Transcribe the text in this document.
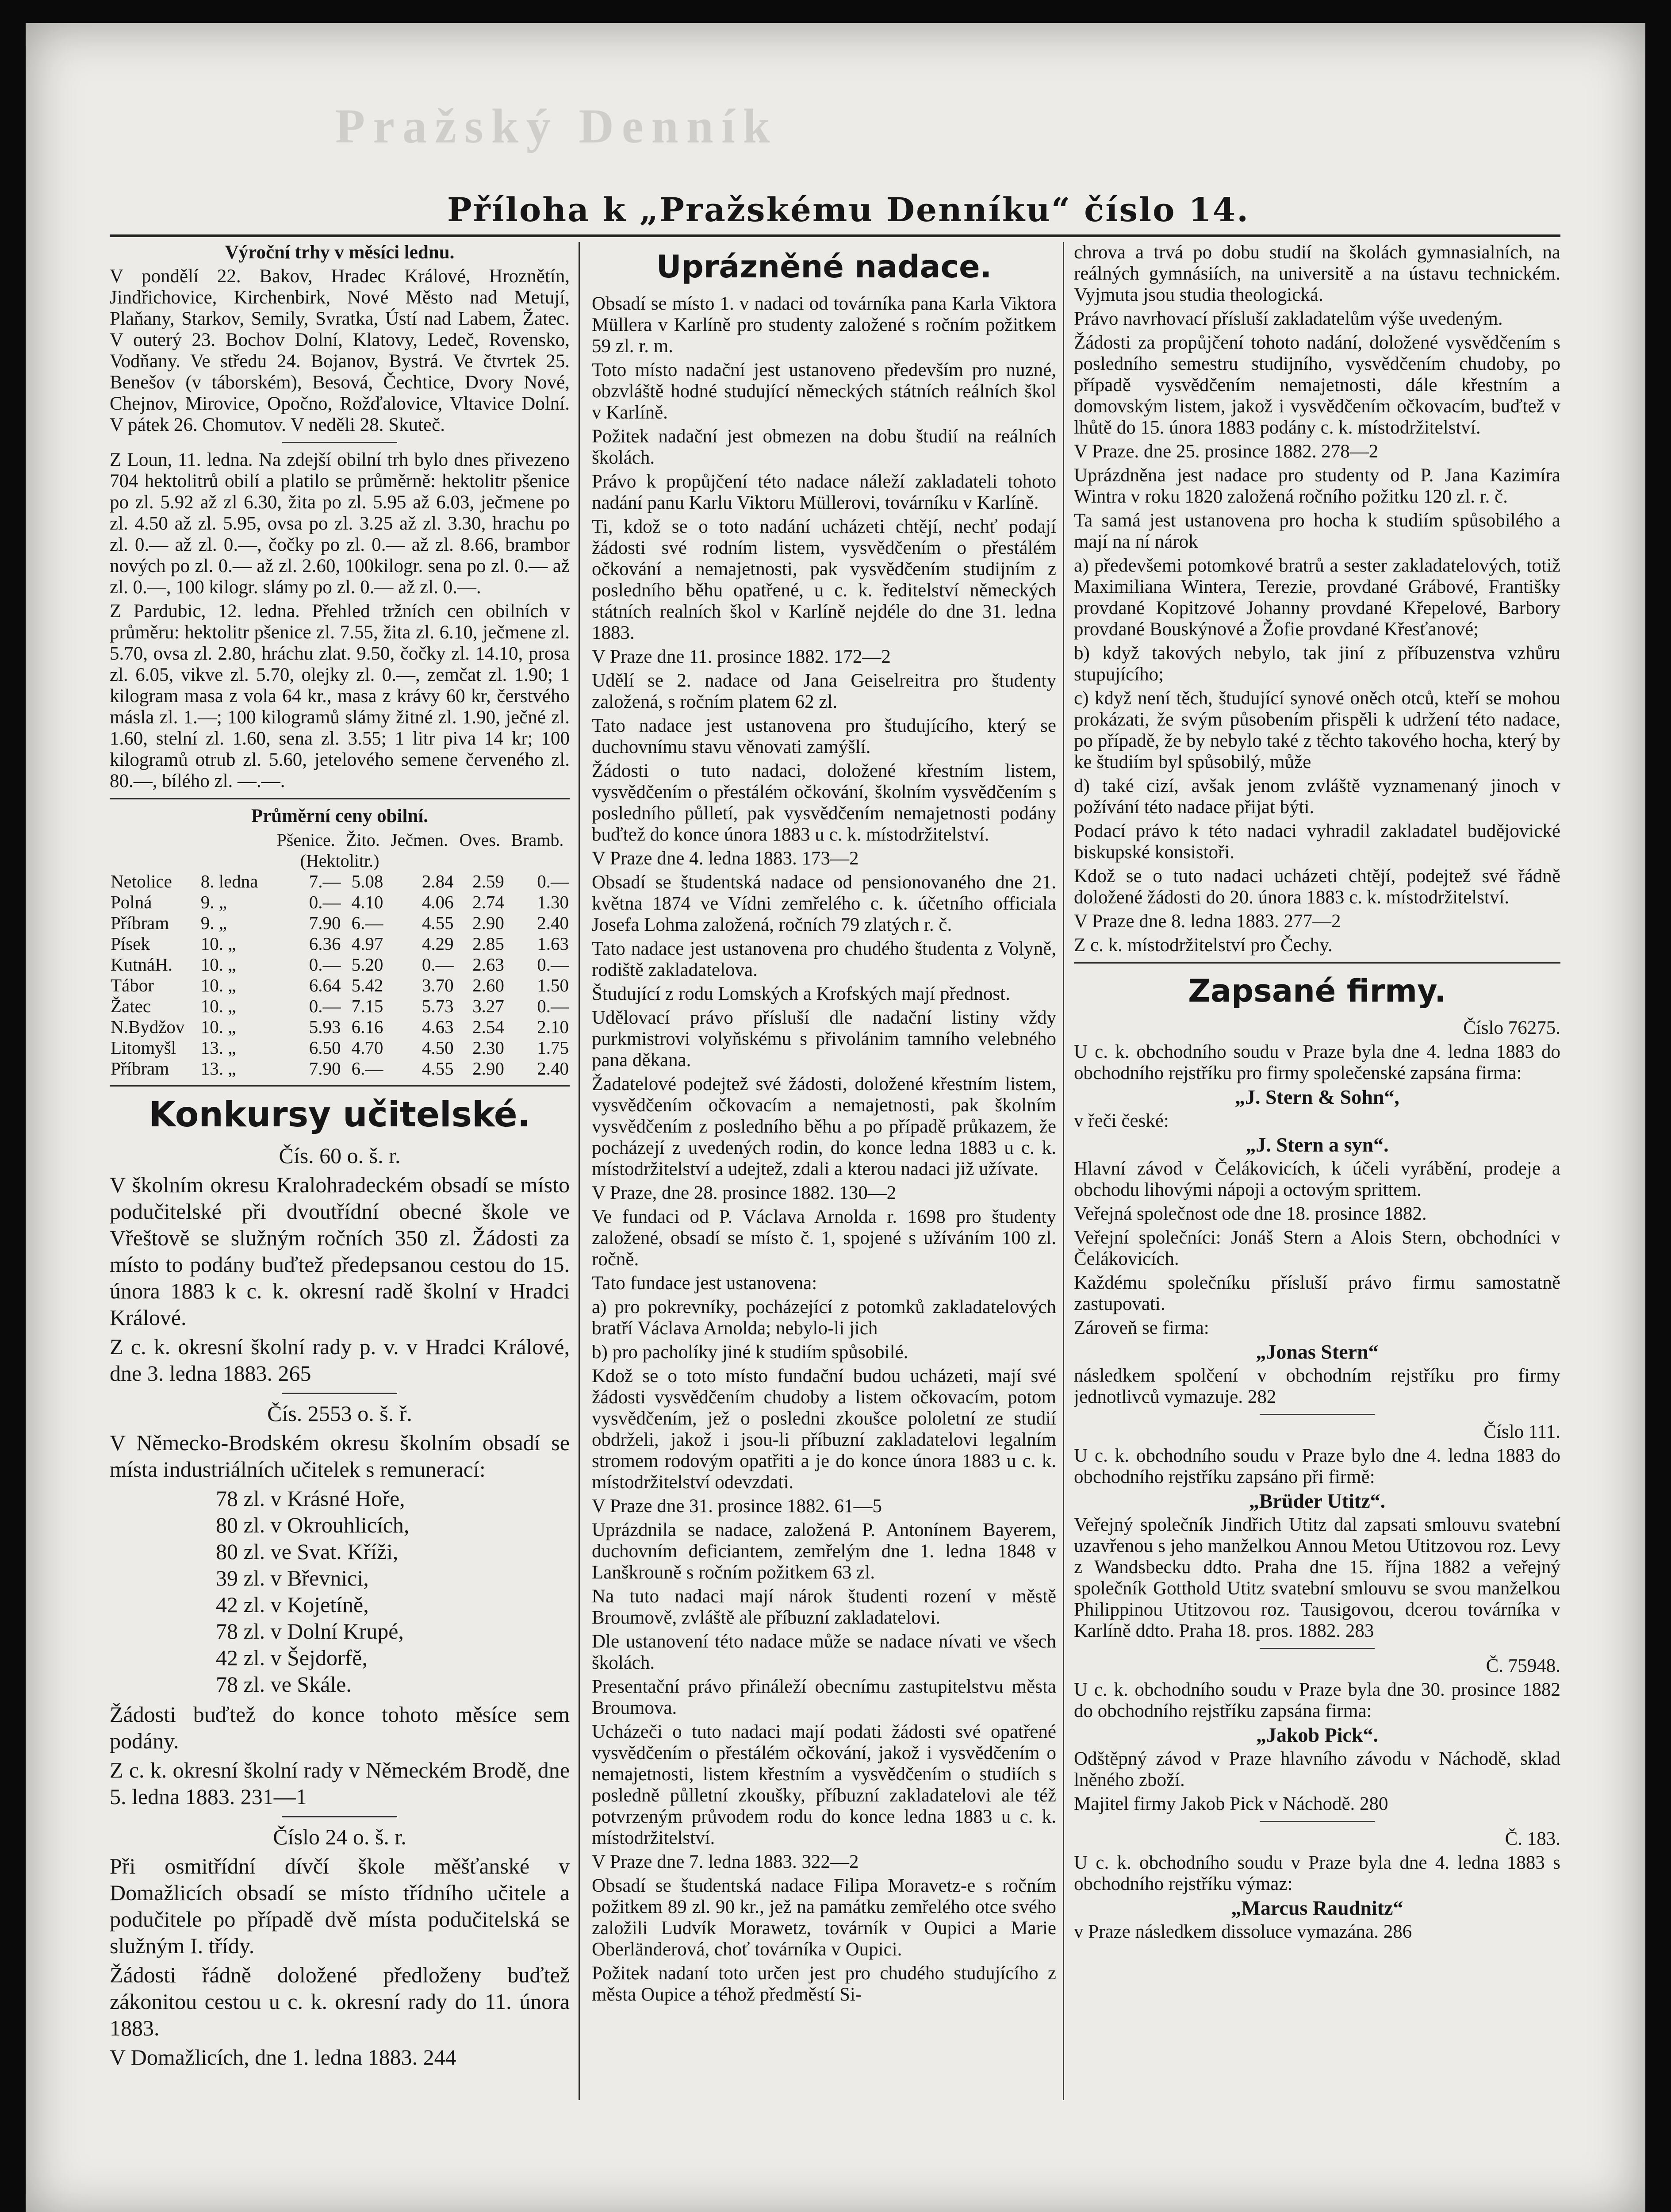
Pražský Denník
Příloha k „Pražskému Denníku“ číslo 14.

Výroční trhy v měsíci lednu.

V pondělí 22. Bakov, Hradec Králové, Hroznětín, Jindřichovice, Kirchenbirk, Nové Město nad Metují, Plaňany, Starkov, Semily, Svratka, Ústí nad Labem, Žatec. V outerý 23. Bochov Dolní, Klatovy, Ledeč, Rovensko, Vodňany. Ve středu 24. Bojanov, Bystrá. Ve čtvrtek 25. Benešov (v táborském), Besová, Čechtice, Dvory Nové, Chejnov, Mirovice, Opočno, Rožďalovice, Vltavice Dolní. V pátek 26. Chomutov. V neděli 28. Skuteč.

Z Loun, 11. ledna. Na zdejší obilní trh bylo dnes přivezeno 704 hektolitrů obilí a platilo se průměrně: hektolitr pšenice po zl. 5.92 až zl 6.30, žita po zl. 5.95 až 6.03, ječmene po zl. 4.50 až zl. 5.95, ovsa po zl. 3.25 až zl. 3.30, hrachu po zl. 0.— až zl. 0.—, čočky po zl. 0.— až zl. 8.66, brambor nových po zl. 0.— až zl. 2.60, 100kilogr. sena po zl. 0.— až zl. 0.—, 100 kilogr. slámy po zl. 0.— až zl. 0.—.

Z Pardubic, 12. ledna. Přehled tržních cen obilních v průměru: hektolitr pšenice zl. 7.55, žita zl. 6.10, ječmene zl. 5.70, ovsa zl. 2.80, hráchu zlat. 9.50, čočky zl. 14.10, prosa zl. 6.05, vikve zl. 5.70, olejky zl. 0.—, zemčat zl. 1.90; 1 kilogram masa z vola 64 kr., masa z krávy 60 kr, čerstvého másla zl. 1.—; 100 kilogramů slámy žitné zl. 1.90, ječné zl. 1.60, stelní zl. 1.60, sena zl. 3.55; 1 litr piva 14 kr; 100 kilogramů otrub zl. 5.60, jetelového semene červeného zl. 80.—, bílého zl. —.—.

Průměrní ceny obilní.

		Pšenice.	Žito.	Ječmen.	Oves.	Bramb.
(Hektolitr.)						
Netolice	8. ledna	7.—	5.08	2.84	2.59	0.—
Polná	9. „	0.—	4.10	4.06	2.74	1.30
Příbram	9. „	7.90	6.—	4.55	2.90	2.40
Písek	10. „	6.36	4.97	4.29	2.85	1.63
KutnáH.	10. „	0.—	5.20	0.—	2.63	0.—
Tábor	10. „	6.64	5.42	3.70	2.60	1.50
Žatec	10. „	0.—	7.15	5.73	3.27	0.—
N.Bydžov	10. „	5.93	6.16	4.63	2.54	2.10
Litomyšl	13. „	6.50	4.70	4.50	2.30	1.75
Příbram	13. „	7.90	6.—	4.55	2.90	2.40
Konkursy učitelské.

Čís. 60 o. š. r.

V školním okresu Kralohradeckém obsadí se místo podučitelské při dvoutřídní obecné škole ve Vřeštově se služným ročních 350 zl. Žádosti za místo to podány buďtež předepsanou cestou do 15. února 1883 k c. k. okresní radě školní v Hradci Králové.

Z c. k. okresní školní rady p. v. v Hradci Králové, dne 3. ledna 1883. 265

Čís. 2553 o. š. ř.

V Německo-Brodském okresu školním obsadí se místa industriálních učitelek s remunerací:

78 zl. v Krásné Hoře,
80 zl. v Okrouhlicích,
80 zl. ve Svat. Kříži,
39 zl. v Břevnici,
42 zl. v Kojetíně,
78 zl. v Dolní Krupé,
42 zl. v Šejdorfě,
78 zl. ve Skále.

Žádosti buďtež do konce tohoto měsíce sem podány.

Z c. k. okresní školní rady v Německém Brodě, dne 5. ledna 1883. 231—1

Číslo 24 o. š. r.

Při osmitřídní dívčí škole měšťanské v Domažlicích obsadí se místo třídního učitele a podučitele po případě dvě místa podučitelská se služným I. třídy.

Žádosti řádně doložené předloženy buďtež zákonitou cestou u c. k. okresní rady do 11. února 1883.

V Domažlicích, dne 1. ledna 1883. 244

Uprázněné nadace.

Obsadí se místo 1. v nadaci od továrníka pana Karla Viktora Müllera v Karlíně pro studenty založené s ročním požitkem 59 zl. r. m.

Toto místo nadační jest ustanoveno především pro nuzné, obzvláště hodné studující německých státních reálních škol v Karlíně.

Požitek nadační jest obmezen na dobu študií na reálních školách.

Právo k propůjčení této nadace náleží zakladateli tohoto nadání panu Karlu Viktoru Müllerovi, továrníku v Karlíně.

Ti, kdož se o toto nadání ucházeti chtějí, nechť podají žádosti své rodním listem, vysvědčením o přestálém očkování a nemajetnosti, pak vysvědčením studijním z posledního běhu opatřené, u c. k. ředitelství německých státních realních škol v Karlíně nejdéle do dne 31. ledna 1883.

V Praze dne 11. prosince 1882. 172—2

Udělí se 2. nadace od Jana Geiselreitra pro študenty založená, s ročním platem 62 zl.

Tato nadace jest ustanovena pro študujícího, který se duchovnímu stavu věnovati zamýšlí.

Žádosti o tuto nadaci, doložené křestním listem, vysvědčením o přestálém očkování, školním vysvědčením s posledního půlletí, pak vysvědčením nemajetnosti podány buďtež do konce února 1883 u c. k. místodržitelství.

V Praze dne 4. ledna 1883. 173—2

Obsadí se študentská nadace od pensionovaného dne 21. května 1874 ve Vídni zemřelého c. k. účetního officiala Josefa Lohma založená, ročních 79 zlatých r. č.

Tato nadace jest ustanovena pro chudého študenta z Volyně, rodiště zakladatelova.

Študující z rodu Lomských a Krofských mají přednost.

Udělovací právo přísluší dle nadační listiny vždy purkmistrovi volyňskému s přivolánim tamního velebného pana děkana.

Žadatelové podejtež své žádosti, doložené křestním listem, vysvědčením očkovacím a nemajetnosti, pak školním vysvědčením z posledního běhu a po případě průkazem, že pocházejí z uvedených rodin, do konce ledna 1883 u c. k. místodržitelství a udejtež, zdali a kterou nadaci již užívate.

V Praze, dne 28. prosince 1882. 130—2

Ve fundaci od P. Václava Arnolda r. 1698 pro študenty založené, obsadí se místo č. 1, spojené s užíváním 100 zl. ročně.

Tato fundace jest ustanovena:

a) pro pokrevníky, pocházející z potomků zakladatelových bratří Václava Arnolda; nebylo-li jich

b) pro pacholíky jiné k studiím spůsobilé.

Kdož se o toto místo fundační budou ucházeti, mají své žádosti vysvědčením chudoby a listem očkovacím, potom vysvědčením, jež o posledni zkoušce pololetní ze studií obdrželi, jakož i jsou-li příbuzní zakladatelovi legalním stromem rodovým opatřiti a je do konce února 1883 u c. k. místodržitelství odevzdati.

V Praze dne 31. prosince 1882. 61—5

Uprázdnila se nadace, založená P. Antonínem Bayerem, duchovním deficiantem, zemřelým dne 1. ledna 1848 v Lanškrouně s ročním požitkem 63 zl.

Na tuto nadaci mají nárok študenti rození v městě Broumově, zvláště ale příbuzní zakladatelovi.

Dle ustanovení této nadace může se nadace nívati ve všech školách.

Presentační právo přináleží obecnímu zastupitelstvu města Broumova.

Ucházeči o tuto nadaci mají podati žádosti své opatřené vysvědčením o přestálém očkování, jakož i vysvědčením o nemajetnosti, listem křestním a vysvědčením o studiích s posledně půlletní zkoušky, příbuzní zakladatelovi ale též potvrzeným průvodem rodu do konce ledna 1883 u c. k. místodržitelství.

V Praze dne 7. ledna 1883. 322—2

Obsadí se študentská nadace Filipa Moravetz-e s ročním požitkem 89 zl. 90 kr., jež na památku zemřelého otce svého založili Ludvík Morawetz, továrník v Oupici a Marie Oberländerová, choť továrníka v Oupici.

Požitek nadaní toto určen jest pro chudého studujícího z města Oupice a téhož předměstí Si-

chrova a trvá po dobu studií na školách gymnasialních, na reálných gymnásiích, na universitě a na ústavu technickém. Vyjmuta jsou studia theologická.

Právo navrhovací přísluší zakladatelům výše uvedeným.

Žádosti za propůjčení tohoto nadání, doložené vysvědčením s posledního semestru studijního, vysvědčením chudoby, po případě vysvědčením nemajetnosti, dále křestním a domovským listem, jakož i vysvědčením očkovacím, buďtež v lhůtě do 15. února 1883 podány c. k. místodržitelství.

V Praze. dne 25. prosince 1882. 278—2

Uprázdněna jest nadace pro studenty od P. Jana Kazimíra Wintra v roku 1820 založená ročního požitku 120 zl. r. č.

Ta samá jest ustanovena pro hocha k studiím spůsobilého a mají na ní nárok

a) předevšemi potomkové bratrů a sester zakladatelových, totiž Maximiliana Wintera, Terezie, provdané Grábové, Františky provdané Kopitzové Johanny provdané Křepelové, Barbory provdané Bouskýnové a Žofie provdané Křesťanové;

b) když takových nebylo, tak jiní z příbuzenstva vzhůru stupujícího;

c) když není těch, študující synové oněch otců, kteří se mohou prokázati, že svým působením přispěli k udržení této nadace, po případě, že by nebylo také z těchto takového hocha, který by ke študiím byl spůsobilý, může

d) také cizí, avšak jenom zvláště vyznamenaný jinoch v požívání této nadace přijat býti.

Podací právo k této nadaci vyhradil zakladatel budějovické biskupské konsistoři.

Kdož se o tuto nadaci ucházeti chtějí, podejtež své řádně doložené žádosti do 20. února 1883 c. k. místodržitelství.

V Praze dne 8. ledna 1883. 277—2

Z c. k. místodržitelství pro Čechy.

Zapsané firmy.

Číslo 76275.

U c. k. obchodního soudu v Praze byla dne 4. ledna 1883 do obchodního rejstříku pro firmy společenské zapsána firma:

„J. Stern & Sohn“,

v řeči české:

„J. Stern a syn“.

Hlavní závod v Čelákovicích, k účeli vyrábění, prodeje a obchodu lihovými nápoji a octovým sprittem.

Veřejná společnost ode dne 18. prosince 1882.

Veřejní společníci: Jonáš Stern a Alois Stern, obchodníci v Čelákovicích.

Každému společníku přísluší právo firmu samostatně zastupovati.

Zároveň se firma:

„Jonas Stern“

následkem spolčení v obchodním rejstříku pro firmy jednotlivců vymazuje. 282

Číslo 111.

U c. k. obchodního soudu v Praze bylo dne 4. ledna 1883 do obchodního rejstříku zapsáno při firmě:

„Brüder Utitz“.

Veřejný společník Jindřich Utitz dal zapsati smlouvu svatební uzavřenou s jeho manželkou Annou Metou Utitzovou roz. Levy z Wandsbecku ddto. Praha dne 15. října 1882 a veřejný společník Gotthold Utitz svatební smlouvu se svou manželkou Philippinou Utitzovou roz. Tausigovou, dcerou továrníka v Karlíně ddto. Praha 18. pros. 1882. 283

Č. 75948.

U c. k. obchodního soudu v Praze byla dne 30. prosince 1882 do obchodního rejstříku zapsána firma:

„Jakob Pick“.

Odštěpný závod v Praze hlavního závodu v Náchodě, sklad lněného zboží.

Majitel firmy Jakob Pick v Náchodě. 280

Č. 183.

U c. k. obchodního soudu v Praze byla dne 4. ledna 1883 s obchodního rejstříku výmaz:

„Marcus Raudnitz“

v Praze následkem dissoluce vymazána. 286
